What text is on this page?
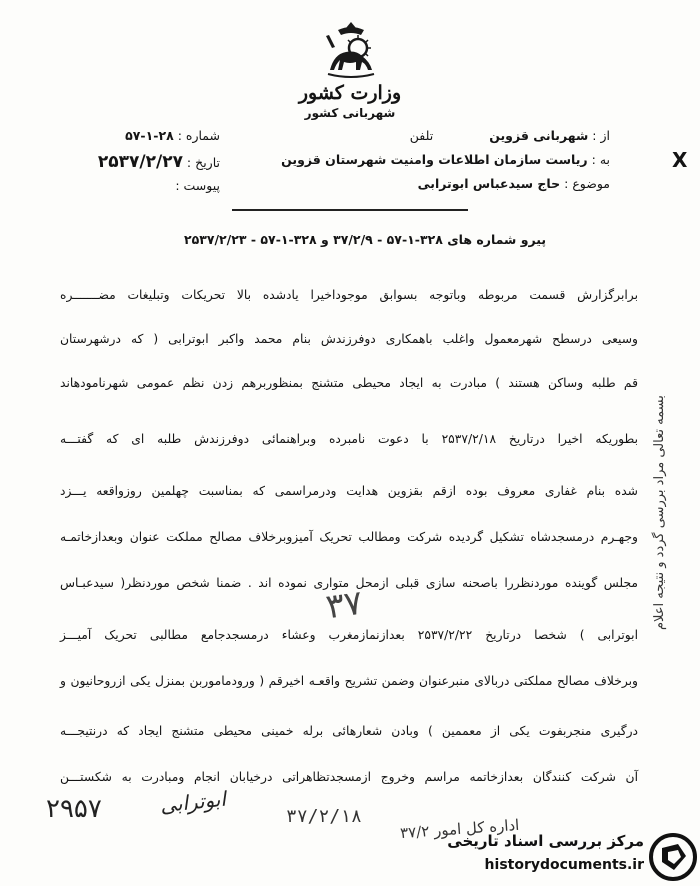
وزارت کشور
شهربانی کشور
از : شهربانی قزوین  تلفن
به : ریاست سازمان اطلاعات وامنیت شهرستان قزوین
موضوع : حاج سیدعباس ابوترابی
X
شماره : ۲۸-۱-۵۷
تاریخ : ۲۵۳۷/۲/۲۷
پیوست :
پیرو شماره های ۳۲۸-۱-۵۷ - ۳۷/۲/۹ و ۳۲۸-۱-۵۷ - ۲۵۳۷/۲/۲۳
برابرگزارش قسمت مربوطه وباتوجه بسوابق موجوداخیرا یادشده بالا تحریکات وتبلیغات مضـــــــره
وسیعی درسطح شهرمعمول واغلب باهمکاری دوفرزندش بنام محمد واکبر ابوترابی ( که درشهرستان
قم طلبه وساکن هستند ) مبادرت به ایجاد محیطی متشنج بمنظوربرهم زدن نظم عمومی شهرنامودهاند
بطوریکه اخیرا درتاریخ ۲۵۳۷/۲/۱۸ با دعوت نامبرده وبراهنمائی دوفرزندش طلبه ای که گفتـــه
شده بنام غفاری معروف بوده ازقم بقزوین هدایت ودرمراسمی که بمناسبت چهلمین روزواقعه یـــزد
وجهـرم درمسجدشاه تشکیل گردیده شرکت ومطالب تحریک آمیزوبرخلاف مصالح مملکت عنوان وبعدازخاتمـه
مجلس گوینده موردنظررا باصحنه سازی قبلی ازمحل متواری نموده اند . ضمنا شخص موردنظر( سیدعبـاس
ابوترابی ) شخصا درتاریخ ۲۵۳۷/۲/۲۲ بعدازنمازمغرب وعشاء درمسجدجامع مطالبی تحریک آمیـــز
وبرخلاف مصالح مملکتی دربالای منبرعنوان وضمن تشریح واقعـه اخیرقم ( ورودماموربن بمنزل یکی ازروحانیون و
درگیری منجربفوت یکی از معممین ) وبادن شعارهائی برله خمینی محیطی متشنج ایجاد که درنتیجـــه
آن شرکت کنندگان بعدازخاتمه مراسم وخروج ازمسجدتظاهراتی درخیابان انجام ومبادرت به شکستـــن
بسمه تعالی مراد بررسی گردد و نتیجه اعلام
۳۷
۲۹۵۷	ابوترابی	۳۷/۲/۱۸
اداره کل امور ۳۷/۲
مرکز بررسی اسناد تاریخی
historydocuments.ir
